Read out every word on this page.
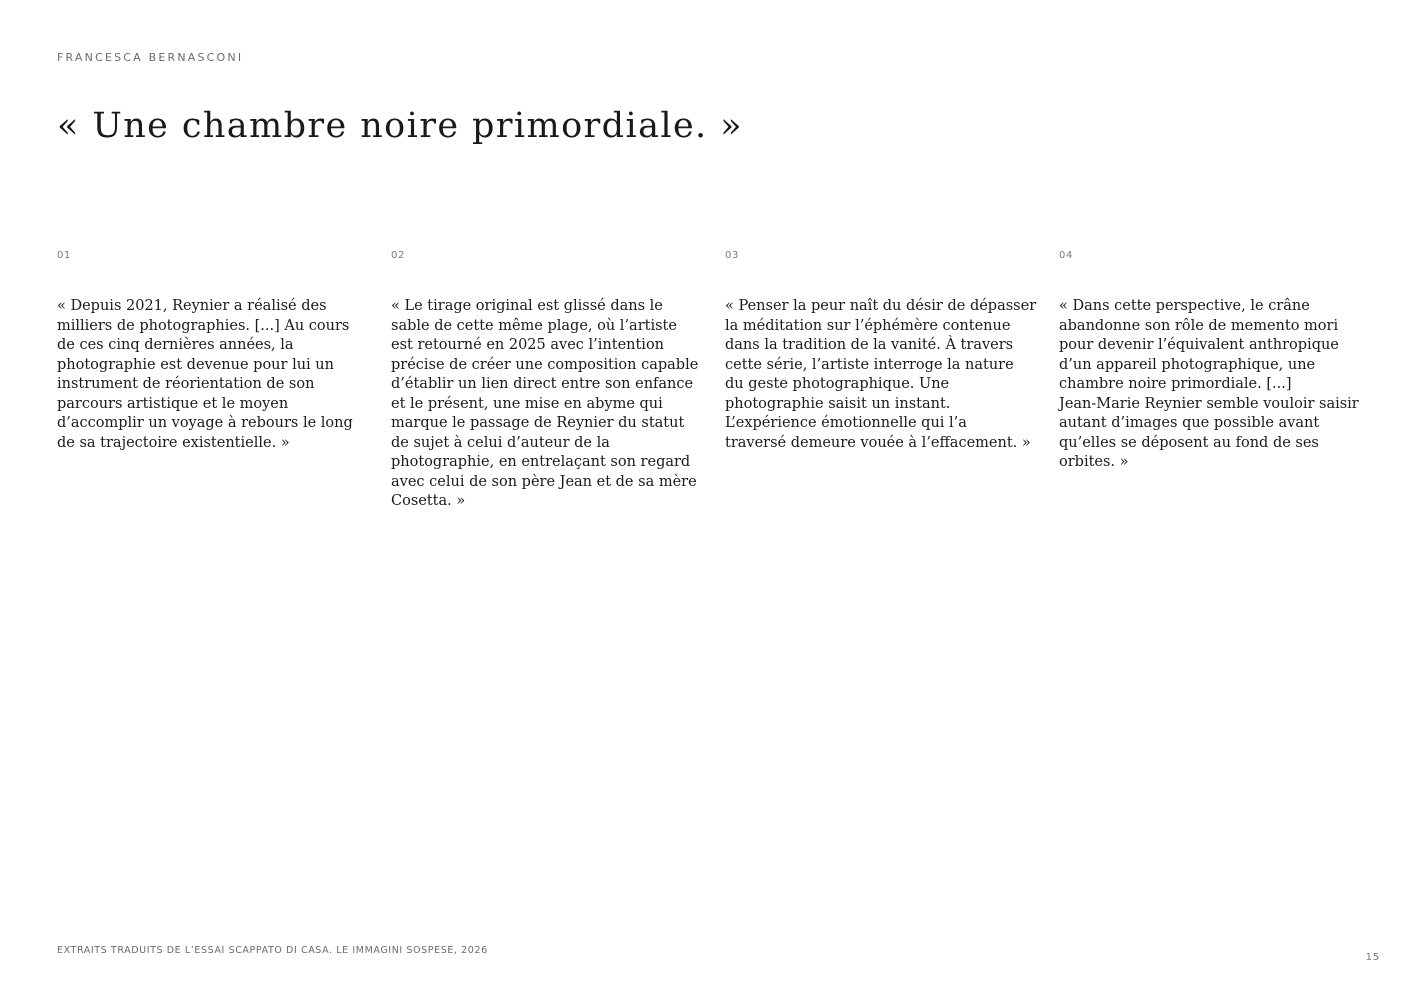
FRANCESCA BERNASCONI
« Une chambre noire primordiale. »
01
« Depuis 2021, Reynier a réalisé des
milliers de photographies. [...] Au cours
de ces cinq dernières années, la
photographie est devenue pour lui un
instrument de réorientation de son
parcours artistique et le moyen
d’accomplir un voyage à rebours le long
de sa trajectoire existentielle. »
02
« Le tirage original est glissé dans le
sable de cette même plage, où l’artiste
est retourné en 2025 avec l’intention
précise de créer une composition capable
d’établir un lien direct entre son enfance
et le présent, une mise en abyme qui
marque le passage de Reynier du statut
de sujet à celui d’auteur de la
photographie, en entrelaçant son regard
avec celui de son père Jean et de sa mère
Cosetta. »
03
« Penser la peur naît du désir de dépasser
la méditation sur l’éphémère contenue
dans la tradition de la vanité. À travers
cette série, l’artiste interroge la nature
du geste photographique. Une
photographie saisit un instant.
L’expérience émotionnelle qui l’a
traversé demeure vouée à l’effacement. »
04
« Dans cette perspective, le crâne
abandonne son rôle de memento mori
pour devenir l’équivalent anthropique
d’un appareil photographique, une
chambre noire primordiale. [...]
Jean-Marie Reynier semble vouloir saisir
autant d’images que possible avant
qu’elles se déposent au fond de ses
orbites. »
EXTRAITS TRADUITS DE L’ESSAI SCAPPATO DI CASA. LE IMMAGINI SOSPESE, 2026
15
